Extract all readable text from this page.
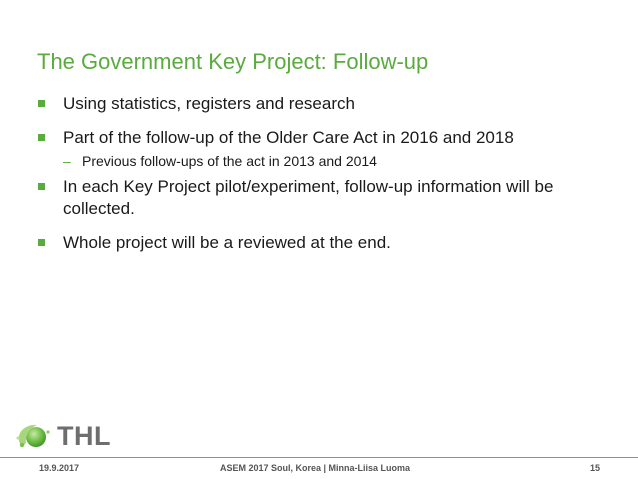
The Government Key Project: Follow-up
Using statistics, registers and research
Part of the follow-up of the Older Care Act in 2016 and 2018
– Previous follow-ups of the act in 2013 and 2014
In each Key Project pilot/experiment, follow-up information will be collected.
Whole project will be a reviewed at the end.
THL
19.9.2017	ASEM 2017 Soul, Korea | Minna-Liisa Luoma	15
